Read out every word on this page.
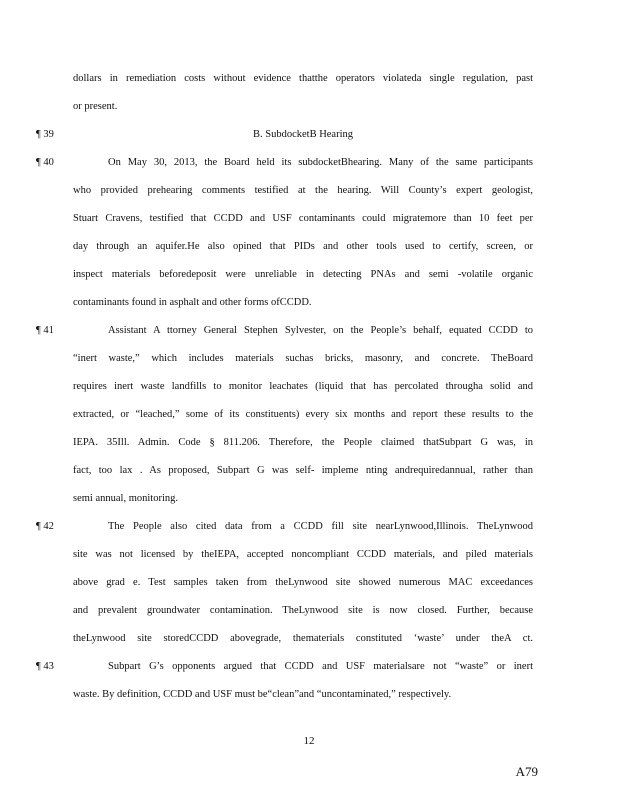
dollars in remediation costs without evidence thatthe operators violateda single regulation, past
or present.
¶ 39	B. SubdocketB Hearing
¶ 40	On May 30, 2013, the Board held its subdocketBhearing. Many of the same participants
who provided prehearing comments testified at the hearing. Will County’s expert geologist,
Stuart Cravens, testified that CCDD and USF contaminants could migratemore than 10 feet per
day through an aquifer.He also opined that PIDs and other tools used to certify, screen, or
inspect materials beforedeposit were unreliable in detecting PNAs and semi -volatile organic
contaminants found in asphalt and other forms ofCCDD.
¶ 41	Assistant A ttorney General Stephen Sylvester, on the People’s behalf, equated CCDD to
“inert waste,” which includes materials suchas bricks, masonry, and concrete. TheBoard
requires inert waste landfills to monitor leachates (liquid that has percolated througha solid and
extracted, or “leached,” some of its constituents) every six months and report these results to the
IEPA. 35Ill. Admin. Code § 811.206. Therefore, the People claimed thatSubpart G was, in
fact, too lax . As proposed, Subpart G was self- impleme nting andrequiredannual, rather than
semi annual, monitoring.
¶ 42	The People also cited data from a CCDD fill site nearLynwood,Illinois. TheLynwood
site was not licensed by theIEPA, accepted noncompliant CCDD materials, and piled materials
above grad e. Test samples taken from theLynwood site showed numerous MAC exceedances
and prevalent groundwater contamination. TheLynwood site is now closed. Further, because
theLynwood site storedCCDD abovegrade, thematerials constituted ‘waste’ under theA ct.
¶ 43	Subpart G’s opponents argued that CCDD and USF materialsare not “waste” or inert
waste. By definition, CCDD and USF must be“clean”and “uncontaminated,” respectively.
12
A79
